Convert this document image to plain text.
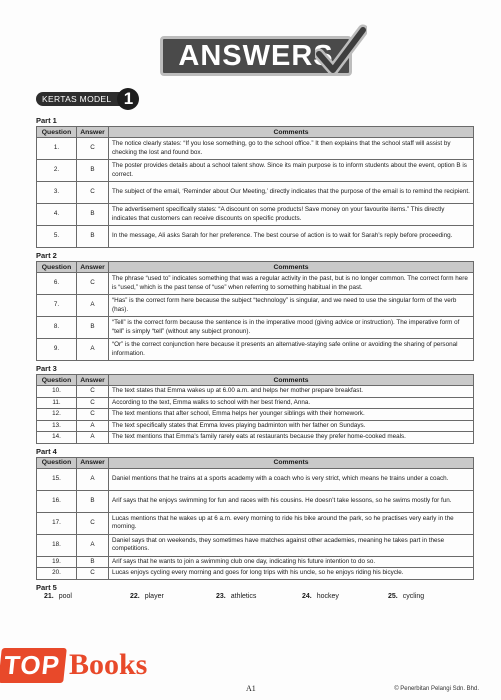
ANSWERS
KERTAS MODEL 1
Part 1
Question	Answer	Comments
1.	C	The notice clearly states: “If you lose something, go to the school office.” It then explains that the school staff will assist by checking the lost and found box.
2.	B	The poster provides details about a school talent show. Since its main purpose is to inform students about the event, option B is correct.
3.	C	The subject of the email, ‘Reminder about Our Meeting,’ directly indicates that the purpose of the email is to remind the recipient.
4.	B	The advertisement specifically states: “A discount on some products! Save money on your favourite items.” This directly indicates that customers can receive discounts on specific products.
5.	B	In the message, Ali asks Sarah for her preference. The best course of action is to wait for Sarah’s reply before proceeding.
Part 2
Question	Answer	Comments
6.	C	The phrase “used to” indicates something that was a regular activity in the past, but is no longer common. The correct form here is “used,” which is the past tense of “use” when referring to something habitual in the past.
7.	A	“Has” is the correct form here because the subject “technology” is singular, and we need to use the singular form of the verb (has).
8.	B	“Tell” is the correct form because the sentence is in the imperative mood (giving advice or instruction). The imperative form of “tell” is simply “tell” (without any subject pronoun).
9.	A	“Or” is the correct conjunction here because it presents an alternative-staying safe online or avoiding the sharing of personal information.
Part 3
Question	Answer	Comments
10.	C	The text states that Emma wakes up at 6.00 a.m. and helps her mother prepare breakfast.
11.	C	According to the text, Emma walks to school with her best friend, Anna.
12.	C	The text mentions that after school, Emma helps her younger siblings with their homework.
13.	A	The text specifically states that Emma loves playing badminton with her father on Sundays.
14.	A	The text mentions that Emma’s family rarely eats at restaurants because they prefer home-cooked meals.
Part 4
Question	Answer	Comments
15.	A	Daniel mentions that he trains at a sports academy with a coach who is very strict, which means he trains under a coach.
16.	B	Arif says that he enjoys swimming for fun and races with his cousins. He doesn’t take lessons, so he swims mostly for fun.
17.	C	Lucas mentions that he wakes up at 6 a.m. every morning to ride his bike around the park, so he practises very early in the morning.
18.	A	Daniel says that on weekends, they sometimes have matches against other academies, meaning he takes part in these competitions.
19.	B	Arif says that he wants to join a swimming club one day, indicating his future intention to do so.
20.	C	Lucas enjoys cycling every morning and goes for long trips with his uncle, so he enjoys riding his bicycle.
Part 5
21. pool	22. player	23. athletics	24. hockey	25. cycling
TOP Books
A1	© Penerbitan Pelangi Sdn. Bhd.
